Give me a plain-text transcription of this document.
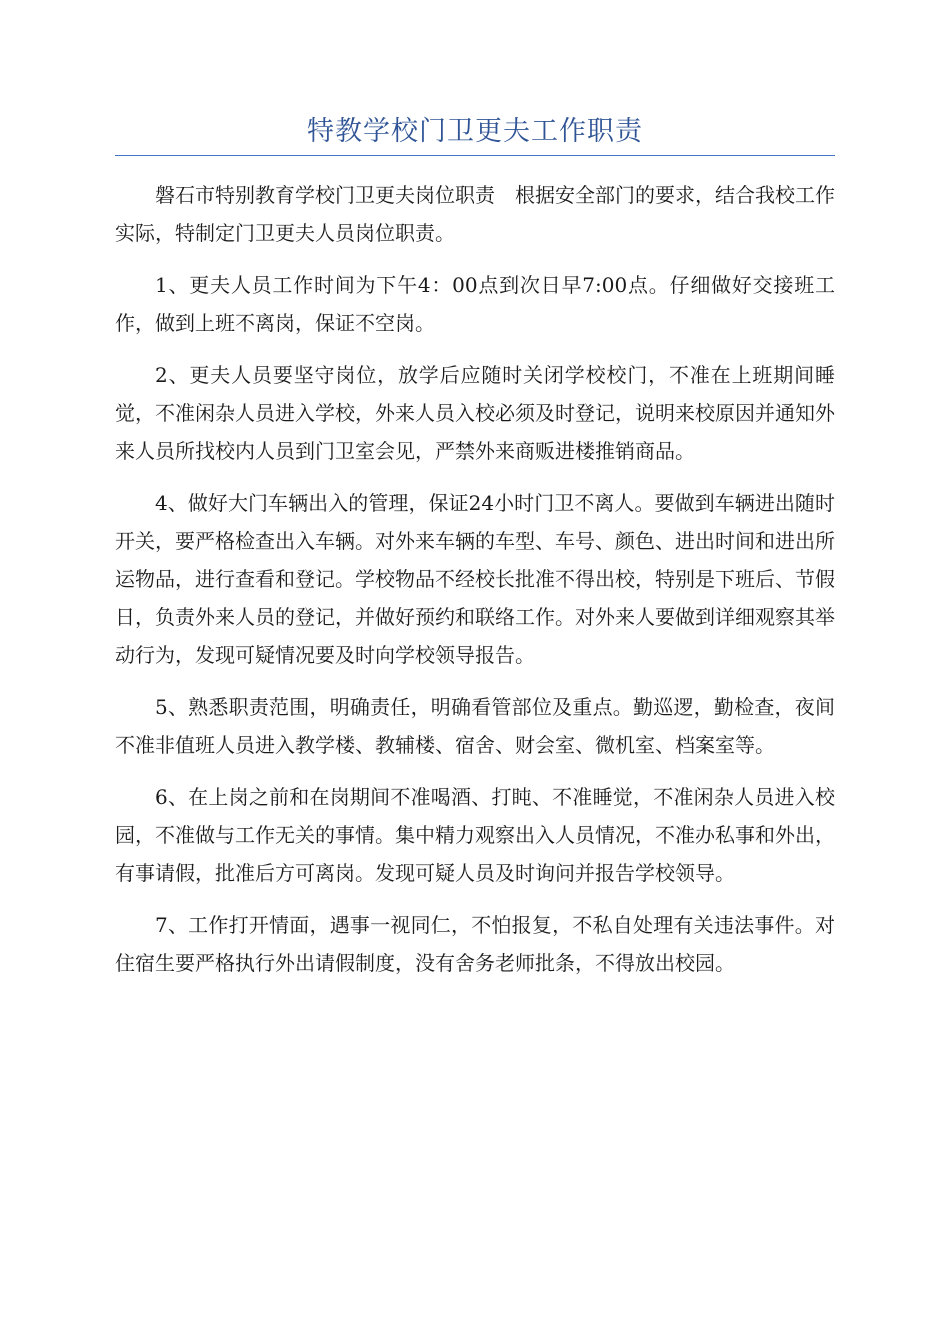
特教学校门卫更夫工作职责

磐石市特别教育学校门卫更夫岗位职责　根据安全部门的要求，结合我校工作实际，特制定门卫更夫人员岗位职责。

1、更夫人员工作时间为下午4：00点到次日早7:00点。仔细做好交接班工作，做到上班不离岗，保证不空岗。

2、更夫人员要坚守岗位，放学后应随时关闭学校校门，不准在上班期间睡觉，不准闲杂人员进入学校，外来人员入校必须及时登记，说明来校原因并通知外来人员所找校内人员到门卫室会见，严禁外来商贩进楼推销商品。

4、做好大门车辆出入的管理，保证24小时门卫不离人。要做到车辆进出随时开关，要严格检查出入车辆。对外来车辆的车型、车号、颜色、进出时间和进出所运物品，进行查看和登记。学校物品不经校长批准不得出校，特别是下班后、节假日，负责外来人员的登记，并做好预约和联络工作。对外来人要做到详细观察其举动行为，发现可疑情况要及时向学校领导报告。

5、熟悉职责范围，明确责任，明确看管部位及重点。勤巡逻，勤检查，夜间不准非值班人员进入教学楼、教辅楼、宿舍、财会室、微机室、档案室等。

6、在上岗之前和在岗期间不准喝酒、打盹、不准睡觉，不准闲杂人员进入校园，不准做与工作无关的事情。集中精力观察出入人员情况，不准办私事和外出，有事请假，批准后方可离岗。发现可疑人员及时询问并报告学校领导。

7、工作打开情面，遇事一视同仁，不怕报复，不私自处理有关违法事件。对住宿生要严格执行外出请假制度，没有舍务老师批条，不得放出校园。
